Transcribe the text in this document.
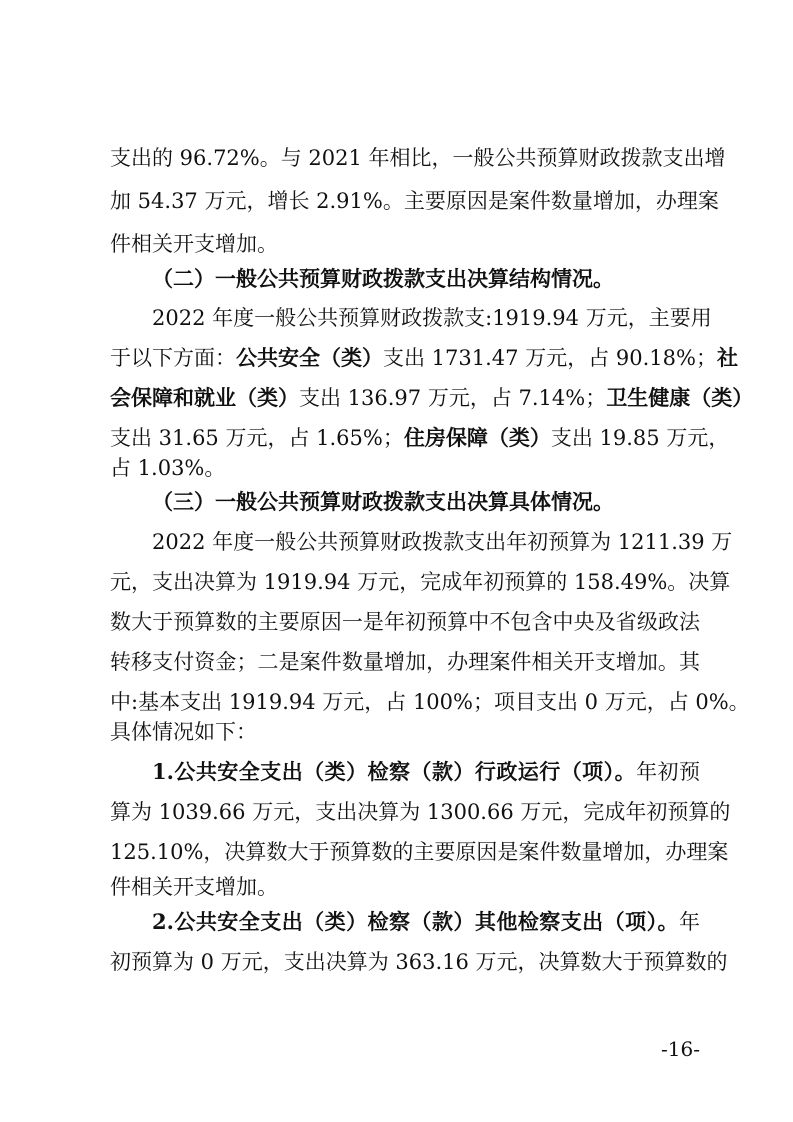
支出的 96.72%。与 2021 年相比，一般公共预算财政拨款支出增
加 54.37 万元，增长 2.91%。主要原因是案件数量增加，办理案
件相关开支增加。
（二）一般公共预算财政拨款支出决算结构情况。
2022 年度一般公共预算财政拨款支:1919.94 万元，主要用
于以下方面：公共安全（类）支出 1731.47 万元，占 90.18%；社
会保障和就业（类）支出 136.97 万元，占 7.14%；卫生健康（类）
支出 31.65 万元，占 1.65%；住房保障（类）支出 19.85 万元，
占 1.03%。
（三）一般公共预算财政拨款支出决算具体情况。
2022 年度一般公共预算财政拨款支出年初预算为 1211.39 万
元，支出决算为 1919.94 万元，完成年初预算的 158.49%。决算
数大于预算数的主要原因一是年初预算中不包含中央及省级政法
转移支付资金；二是案件数量增加，办理案件相关开支增加。其
中:基本支出 1919.94 万元，占 100%；项目支出 0 万元，占 0%。
具体情况如下：
1.公共安全支出（类）检察（款）行政运行（项）。年初预
算为 1039.66 万元，支出决算为 1300.66 万元，完成年初预算的
125.10%，决算数大于预算数的主要原因是案件数量增加，办理案
件相关开支增加。
2.公共安全支出（类）检察（款）其他检察支出（项）。年
初预算为 0 万元，支出决算为 363.16 万元，决算数大于预算数的
-16-
